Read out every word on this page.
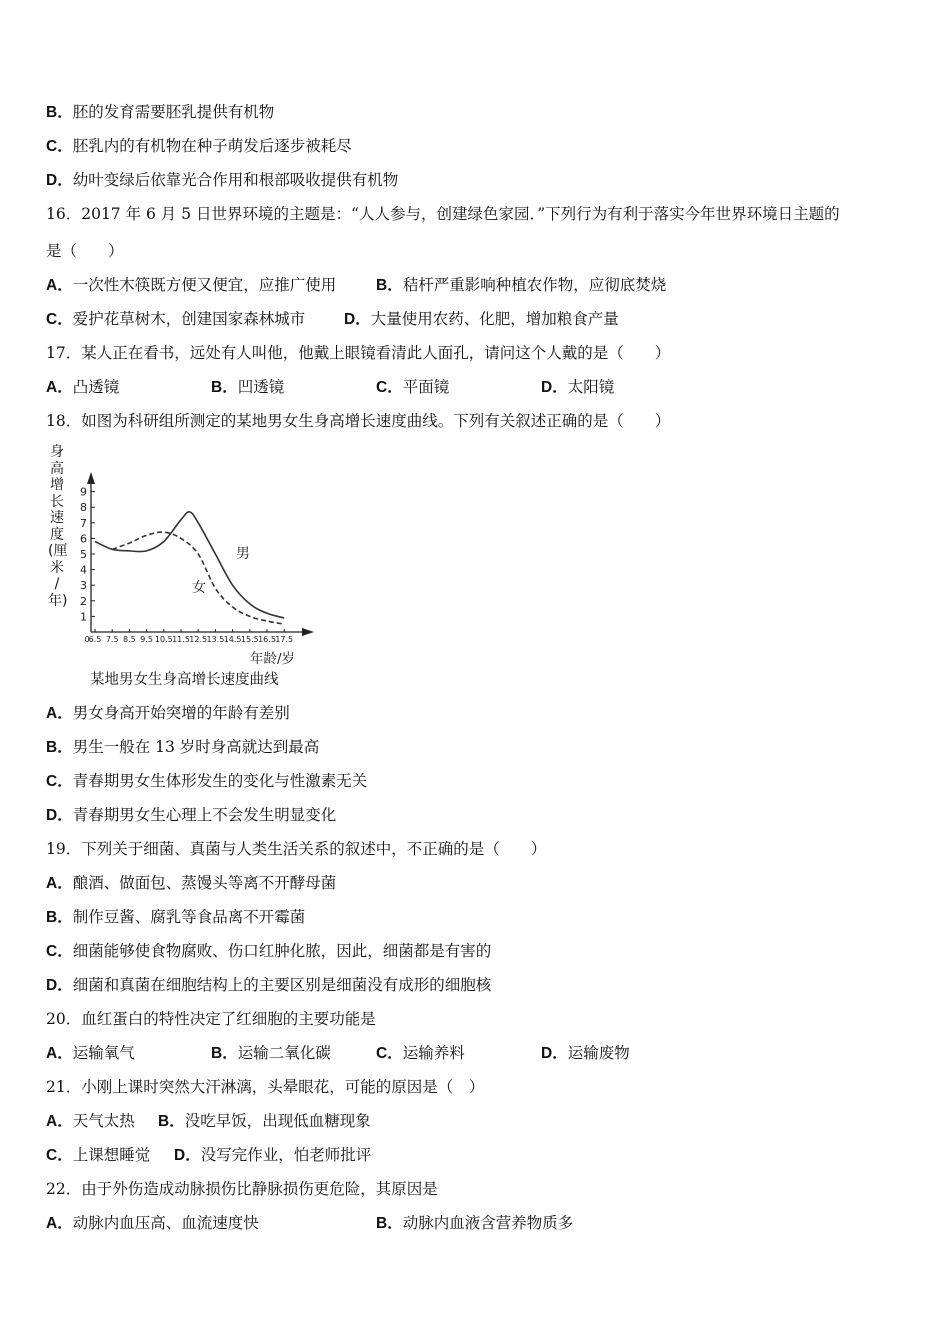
B．胚的发育需要胚乳提供有机物
C．胚乳内的有机物在种子萌发后逐步被耗尽
D．幼叶变绿后依靠光合作用和根部吸收提供有机物
16．2017 年 6 月 5 日世界环境的主题是：“人人参与，创建绿色家园．”下列行为有利于落实今年世界环境日主题的
是（　　）
A．一次性木筷既方便又便宜，应推广使用	B．秸杆严重影响种植农作物，应彻底焚烧
C．爱护花草树木，创建国家森林城市	D．大量使用农药、化肥，增加粮食产量
17．某人正在看书，远处有人叫他，他戴上眼镜看清此人面孔，请问这个人戴的是（　　）
A．凸透镜	B．凹透镜	C．平面镜	D．太阳镜
18．如图为科研组所测定的某地男女生身高增长速度曲线。下列有关叙述正确的是（　　）
身
高
增
长
速
度
(厘
米
/
年)
1
2
3
4
5
6
7
8
9
0 6.5 7.5 8.5 9.5 10.5 11.5 12.5 13.5 14.5 15.5 16.5 17.5
年龄/岁
男
女
某地男女生身高增长速度曲线
A．男女身高开始突增的年龄有差别
B．男生一般在 13 岁时身高就达到最高
C．青春期男女生体形发生的变化与性激素无关
D．青春期男女生心理上不会发生明显变化
19．下列关于细菌、真菌与人类生活关系的叙述中，不正确的是（　　）
A．酿酒、做面包、蒸馒头等离不开酵母菌
B．制作豆酱、腐乳等食品离不开霉菌
C．细菌能够使食物腐败、伤口红肿化脓，因此，细菌都是有害的
D．细菌和真菌在细胞结构上的主要区别是细菌没有成形的细胞核
20．血红蛋白的特性决定了红细胞的主要功能是
A．运输氧气	B．运输二氧化碳	C．运输养料	D．运输废物
21．小刚上课时突然大汗淋漓，头晕眼花，可能的原因是（　）
A．天气太热 B．没吃早饭，出现低血糖现象
C．上课想睡觉 D．没写完作业，怕老师批评
22．由于外伤造成动脉损伤比静脉损伤更危险，其原因是
A．动脉内血压高、血流速度快	B．动脉内血液含营养物质多
